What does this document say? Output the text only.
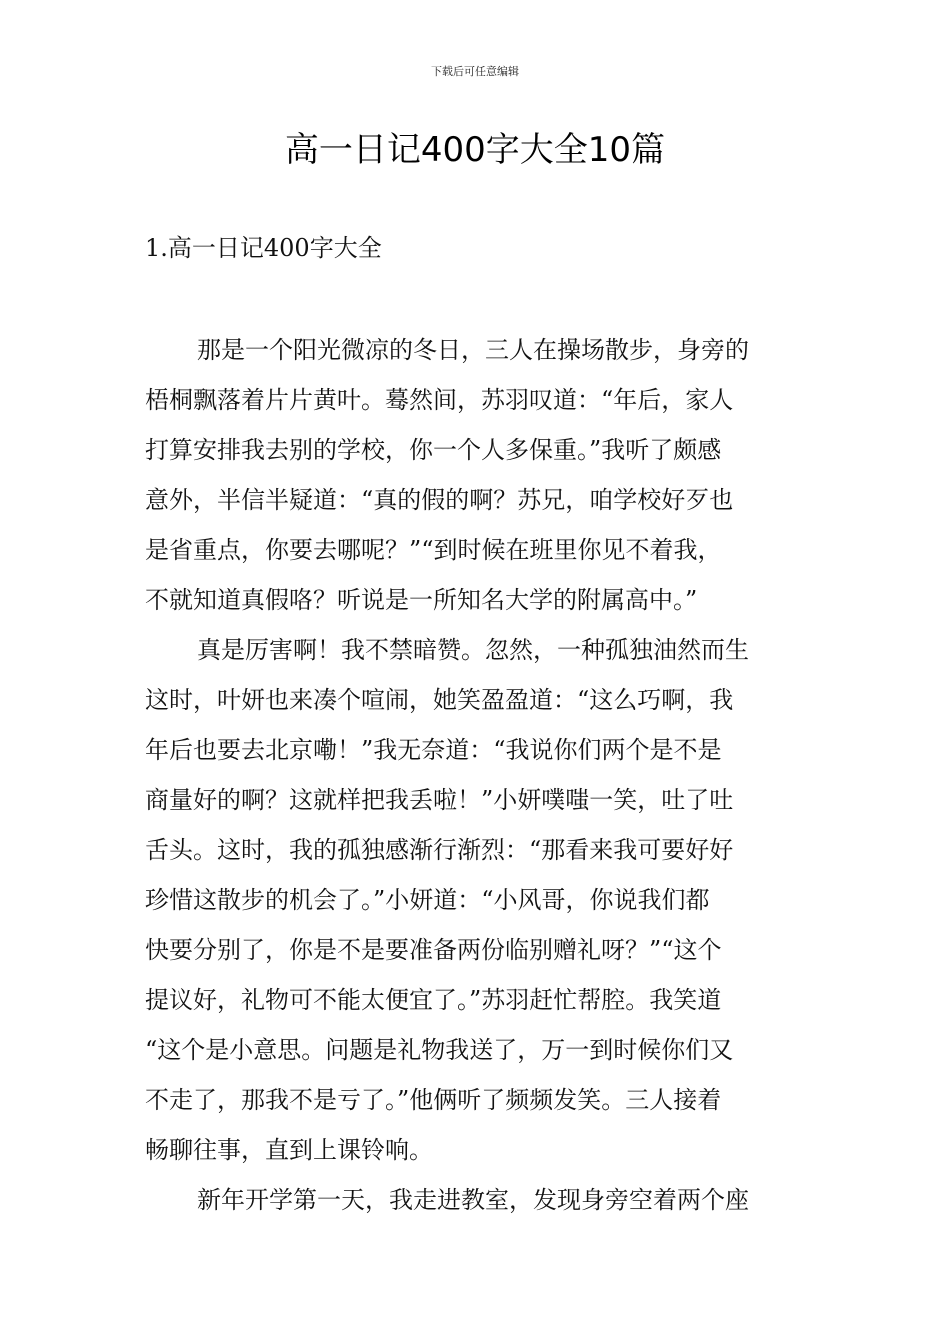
下载后可任意编辑
高一日记400字大全10篇
1.高一日记400字大全
那是一个阳光微凉的冬日，三人在操场散步，身旁的
梧桐飘落着片片黄叶。蓦然间，苏羽叹道：“年后，家人
打算安排我去别的学校，你一个人多保重。”我听了颇感
意外，半信半疑道：“真的假的啊？苏兄，咱学校好歹也
是省重点，你要去哪呢？”“到时候在班里你见不着我，
不就知道真假咯？听说是一所知名大学的附属高中。”
真是厉害啊！我不禁暗赞。忽然，一种孤独油然而生
这时，叶妍也来凑个喧闹，她笑盈盈道：“这么巧啊，我
年后也要去北京嘞！”我无奈道：“我说你们两个是不是
商量好的啊？这就样把我丢啦！”小妍噗嗤一笑，吐了吐
舌头。这时，我的孤独感渐行渐烈：“那看来我可要好好
珍惜这散步的机会了。”小妍道：“小风哥，你说我们都
快要分别了，你是不是要准备两份临别赠礼呀？”“这个
提议好，礼物可不能太便宜了。”苏羽赶忙帮腔。我笑道
“这个是小意思。问题是礼物我送了，万一到时候你们又
不走了，那我不是亏了。”他俩听了频频发笑。三人接着
畅聊往事，直到上课铃响。
新年开学第一天，我走进教室，发现身旁空着两个座
